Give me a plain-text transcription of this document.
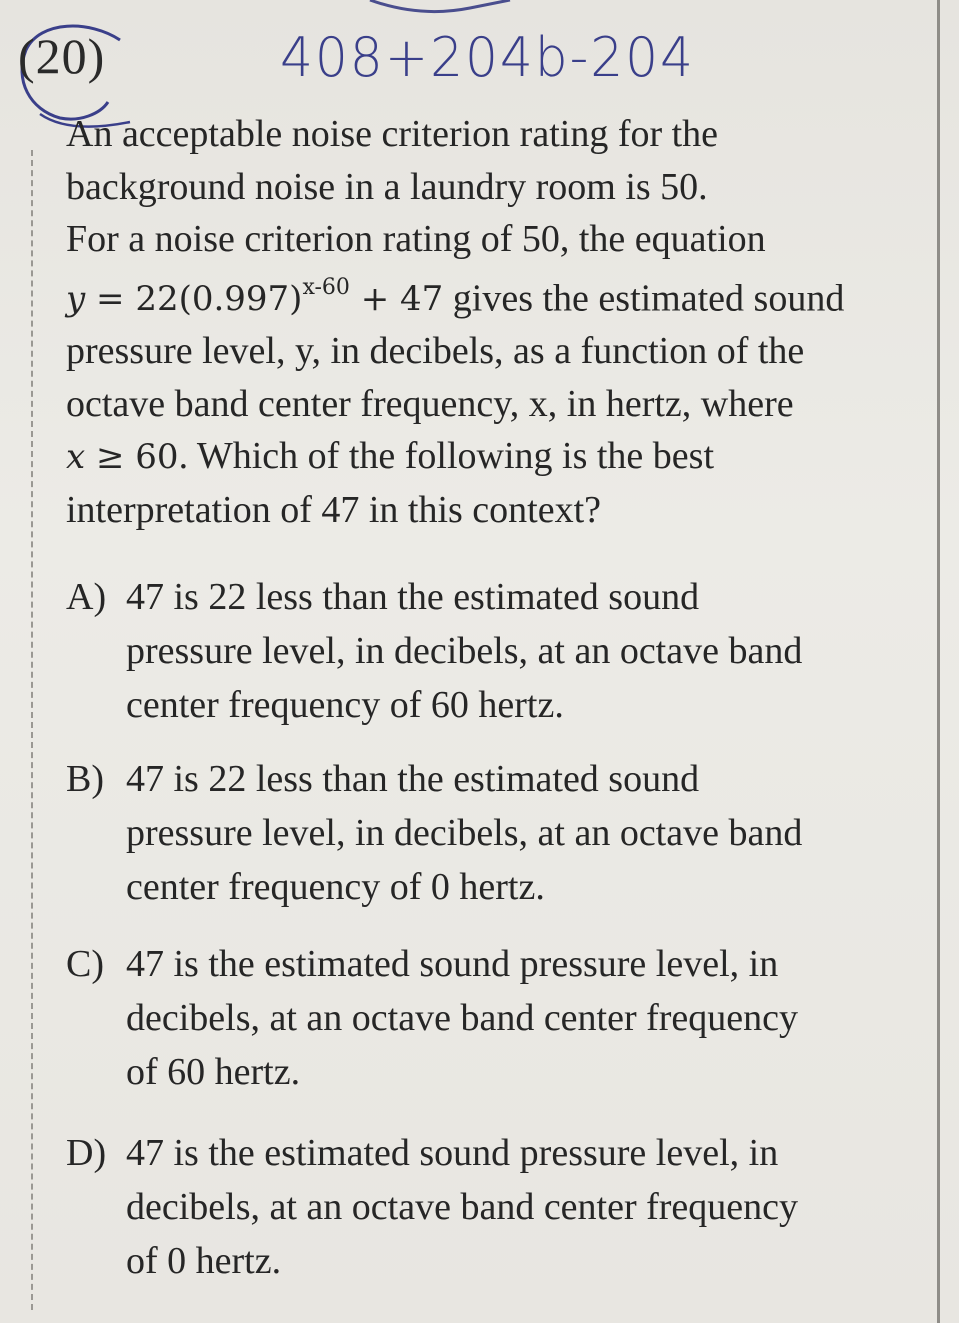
(20)	408+204b-204

An acceptable noise criterion rating for the

background noise in a laundry room is 50.

For a noise criterion rating of 50, the equation

$y = 22(0.997)^{x-60} + 47$ gives the estimated sound

pressure level, y, in decibels, as a function of the

octave band center frequency, x, in hertz, where

x ≥ 60. Which of the following is the best

interpretation of 47 in this context?

A) 47 is 22 less than the estimated sound
pressure level, in decibels, at an octave band
center frequency of 60 hertz.
B) 47 is 22 less than the estimated sound
pressure level, in decibels, at an octave band
center frequency of 0 hertz.
C) 47 is the estimated sound pressure level, in
decibels, at an octave band center frequency
of 60 hertz.
D) 47 is the estimated sound pressure level, in
decibels, at an octave band center frequency
of 0 hertz.
